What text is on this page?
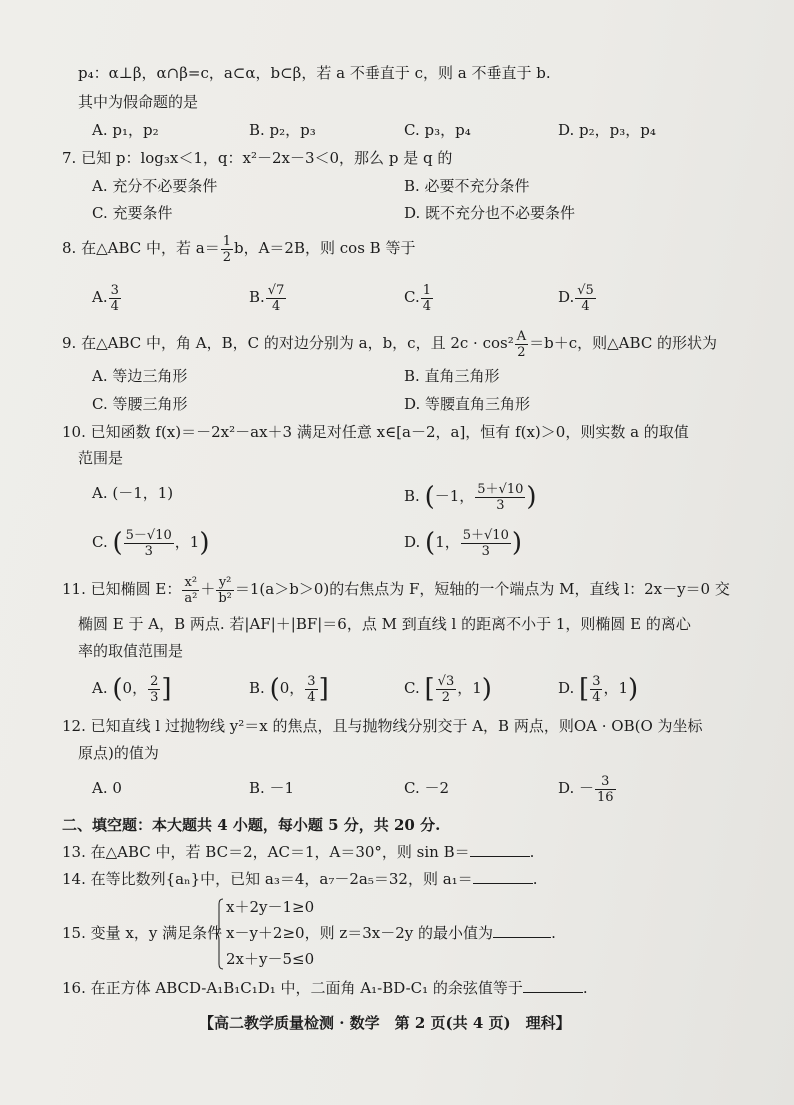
p₄：α⊥β，α∩β=c，a⊂α，b⊂β，若 a 不垂直于 c，则 a 不垂直于 b.
其中为假命题的是
A. p₁，p₂	B. p₂，p₃	C. p₃，p₄	D. p₂，p₃，p₄
7. 已知 p：log₃x＜1，q：x²－2x－3＜0，那么 p 是 q 的
A. 充分不必要条件	B. 必要不充分条件
C. 充要条件	D. 既不充分也不必要条件
8. 在△ABC 中，若 $a= \frac{1}{2}$ b，A＝2B，则 cos B 等于
A. $\frac{3}{4}$	B. $\frac{√7}{4}$	C. $\frac{1}{4}$	D. $\frac{√5}{4}$
9. 在△ABC 中，角 A，B，C 的对边分别为 a，b，c，且 $2c \cdot \cos^2 \frac{A}{2} =b+c$，则△ABC 的形状为
A. 等边三角形	B. 直角三角形
C. 等腰三角形	D. 等腰直角三角形
10. 已知函数 f(x)＝－2x²－ax＋3 满足对任意 x∈[a－2，a]，恒有 f(x)＞0，则实数 a 的取值
范围是
A. (－1，1)	B. (－1， $\frac{5+√10}{3}$ )
C. ( $\frac{5-√10}{3}$ ，1)	D. (1， $\frac{5+√10}{3}$ )
11. 已知椭圆 E： $\frac{\text{x²}}{\text{a²}} + \frac{\text{y²}}{\text{b²}} =1(a>b>0)$的右焦点为 F，短轴的一个端点为 M，直线 l：2x－y＝0 交
椭圆 E 于 A，B 两点. 若|AF|＋|BF|＝6，点 M 到直线 l 的距离不小于 1，则椭圆 E 的离心
率的取值范围是
A. (0， $\frac{2}{3}$ ]	B. (0， $\frac{3}{4}$ ]	C. [ $\frac{√3}{2}$ ，1)	D. [ $\frac{3}{4}$ ，1)
12. 已知直线 l 过抛物线 y²＝x 的焦点，且与抛物线分别交于 A，B 两点，则OA · OB(O 为坐标
原点)的值为
A. 0	B. －1	C. －2	D. － $\frac{3}{16}$
二、填空题：本大题共 4 小题，每小题 5 分，共 20 分.
13. 在△ABC 中，若 BC＝2，AC＝1，A＝30°，则 sin B＝	.
14. 在等比数列{aₙ}中，已知 a₃＝4，a₇－2a₅＝32，则 a₁＝	.
15. 变量 x，y 满足条件
x＋2y－1≥0
x－y＋2≥0，则 z＝3x－2y 的最小值为	.
2x＋y－5≤0
16. 在正方体 ABCD-A₁B₁C₁D₁ 中，二面角 A₁-BD-C₁ 的余弦值等于	.
【高二教学质量检测 · 数学　第 2 页(共 4 页)　理科】
